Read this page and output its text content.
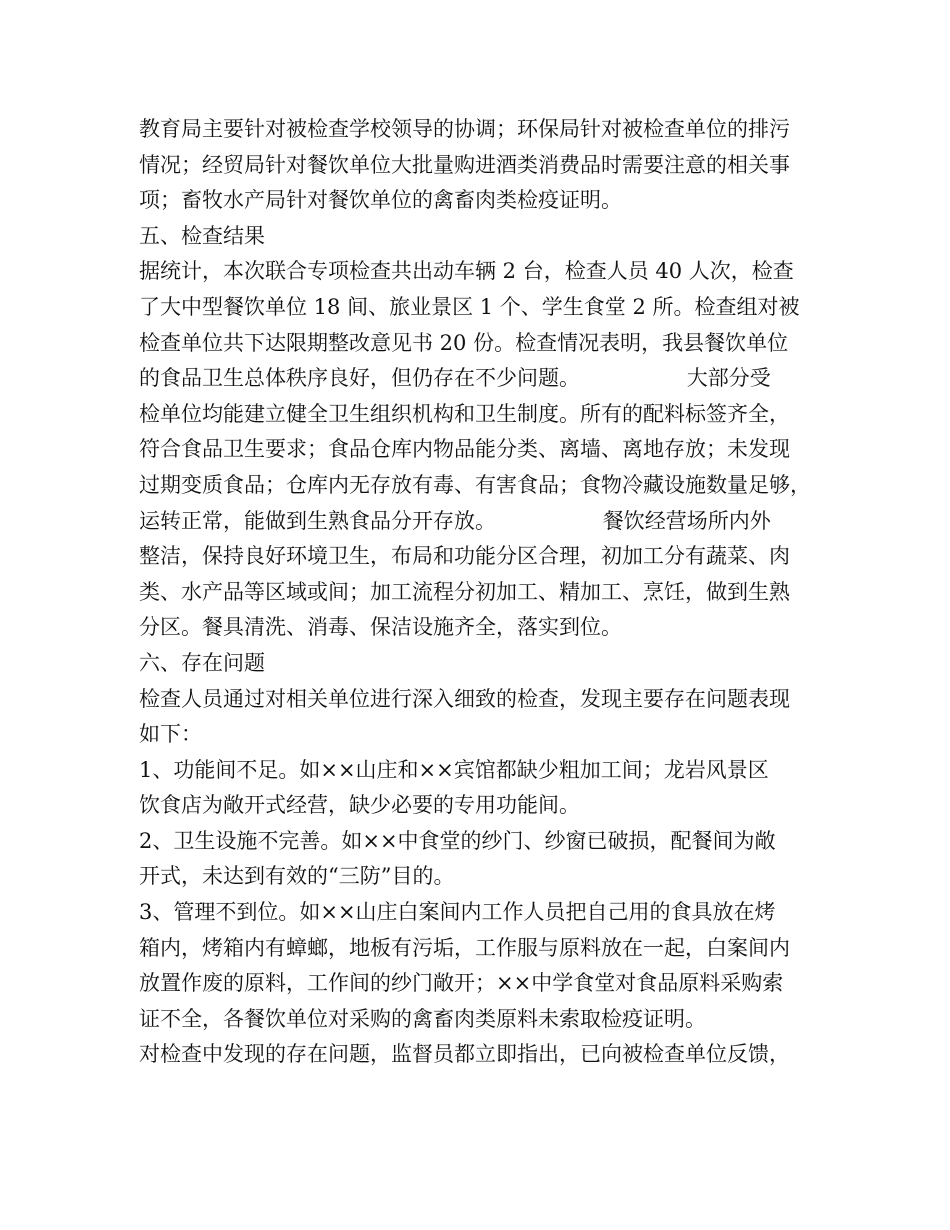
教育局主要针对被检查学校领导的协调；环保局针对被检查单位的排污
情况；经贸局针对餐饮单位大批量购进酒类消费品时需要注意的相关事
项；畜牧水产局针对餐饮单位的禽畜肉类检疫证明。
五、检查结果
据统计，本次联合专项检查共出动车辆 2 台，检查人员 40 人次，检查
了大中型餐饮单位 18 间、旅业景区 1 个、学生食堂 2 所。检查组对被
检查单位共下达限期整改意见书 20 份。检查情况表明，我县餐饮单位
的食品卫生总体秩序良好，但仍存在不少问题。                大部分受
检单位均能建立健全卫生组织机构和卫生制度。所有的配料标签齐全，
符合食品卫生要求；食品仓库内物品能分类、离墙、离地存放；未发现
过期变质食品；仓库内无存放有毒、有害食品；食物冷藏设施数量足够，
运转正常，能做到生熟食品分开存放。                餐饮经营场所内外
整洁，保持良好环境卫生，布局和功能分区合理，初加工分有蔬菜、肉
类、水产品等区域或间；加工流程分初加工、精加工、烹饪，做到生熟
分区。餐具清洗、消毒、保洁设施齐全，落实到位。
六、存在问题
检查人员通过对相关单位进行深入细致的检查，发现主要存在问题表现
如下：
1、功能间不足。如××山庄和××宾馆都缺少粗加工间；龙岩风景区
饮食店为敞开式经营，缺少必要的专用功能间。
2、卫生设施不完善。如××中食堂的纱门、纱窗已破损，配餐间为敞
开式，未达到有效的“三防”目的。
3、管理不到位。如××山庄白案间内工作人员把自己用的食具放在烤
箱内，烤箱内有蟑螂，地板有污垢，工作服与原料放在一起，白案间内
放置作废的原料，工作间的纱门敞开；××中学食堂对食品原料采购索
证不全，各餐饮单位对采购的禽畜肉类原料未索取检疫证明。
对检查中发现的存在问题，监督员都立即指出，已向被检查单位反馈，
